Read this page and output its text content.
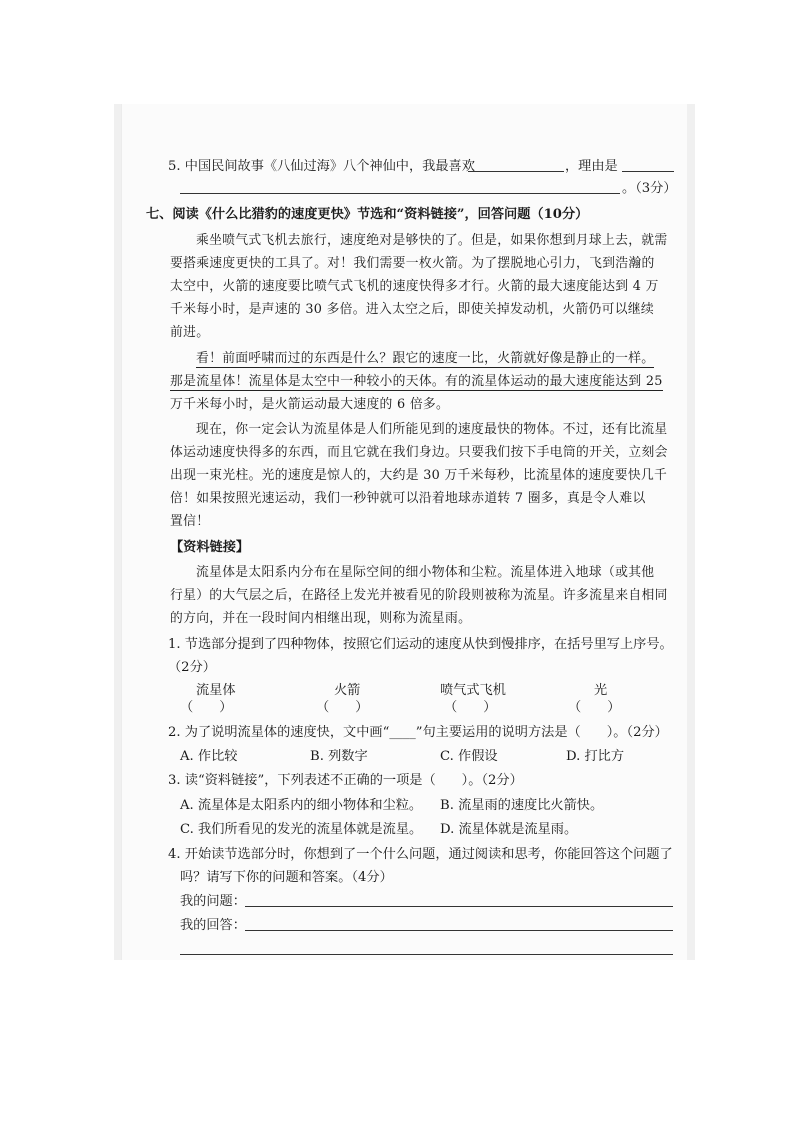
5. 中国民间故事《八仙过海》八个神仙中，我最喜欢	，理由是
。（3分）
七、阅读《什么比猎豹的速度更快》节选和“资料链接”，回答问题（10分）
乘坐喷气式飞机去旅行，速度绝对是够快的了。但是，如果你想到月球上去，就需
要搭乘速度更快的工具了。对！我们需要一枚火箭。为了摆脱地心引力，飞到浩瀚的
太空中，火箭的速度要比喷气式飞机的速度快得多才行。火箭的最大速度能达到 4 万
千米每小时，是声速的 30 多倍。进入太空之后，即使关掉发动机，火箭仍可以继续
前进。
看！前面呼啸而过的东西是什么？跟它的速度一比，火箭就好像是静止的一样。
那是流星体！流星体是太空中一种较小的天体。有的流星体运动的最大速度能达到 25
万千米每小时，是火箭运动最大速度的 6 倍多。
现在，你一定会认为流星体是人们所能见到的速度最快的物体。不过，还有比流星
体运动速度快得多的东西，而且它就在我们身边。只要我们按下手电筒的开关，立刻会
出现一束光柱。光的速度是惊人的，大约是 30 万千米每秒，比流星体的速度要快几千
倍！如果按照光速运动，我们一秒钟就可以沿着地球赤道转 7 圈多，真是令人难以
置信！
【资料链接】
流星体是太阳系内分布在星际空间的细小物体和尘粒。流星体进入地球（或其他
行星）的大气层之后，在路径上发光并被看见的阶段则被称为流星。许多流星来自相同
的方向，并在一段时间内相继出现，则称为流星雨。
1. 节选部分提到了四种物体，按照它们运动的速度从快到慢排序，在括号里写上序号。
（2分）
流星体	火箭	喷气式飞机	光
（ ）	（ ）	（ ）	（ ）
2. 为了说明流星体的速度快，文中画“____”句主要运用的说明方法是（ ）。（2分）
A. 作比较	B. 列数字	C. 作假设	D. 打比方
3. 读“资料链接”，下列表述不正确的一项是（ ）。（2分）
A. 流星体是太阳系内的细小物体和尘粒。 B. 流星雨的速度比火箭快。
C. 我们所看见的发光的流星体就是流星。 D. 流星体就是流星雨。
4. 开始读节选部分时，你想到了一个什么问题，通过阅读和思考，你能回答这个问题了
吗？请写下你的问题和答案。（4分）
我的问题：
我的回答：
